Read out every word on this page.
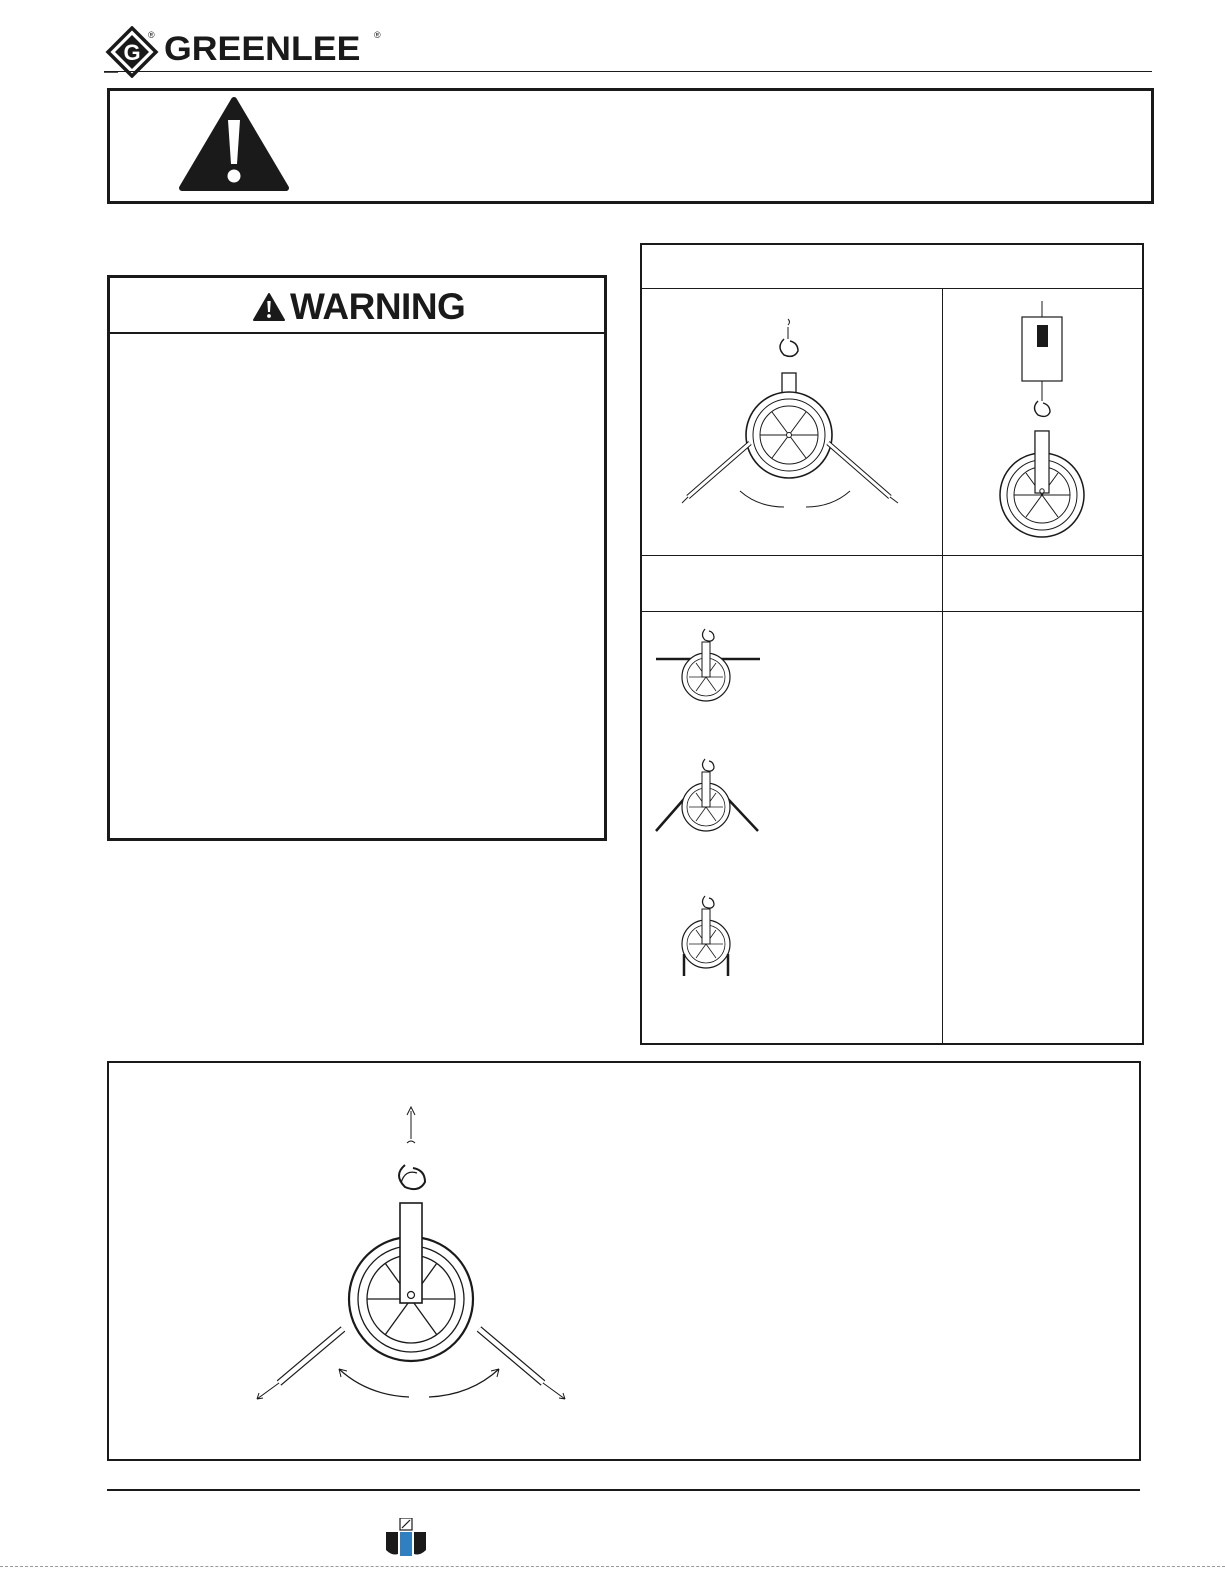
G
® GREENLEE ®
WARNING
